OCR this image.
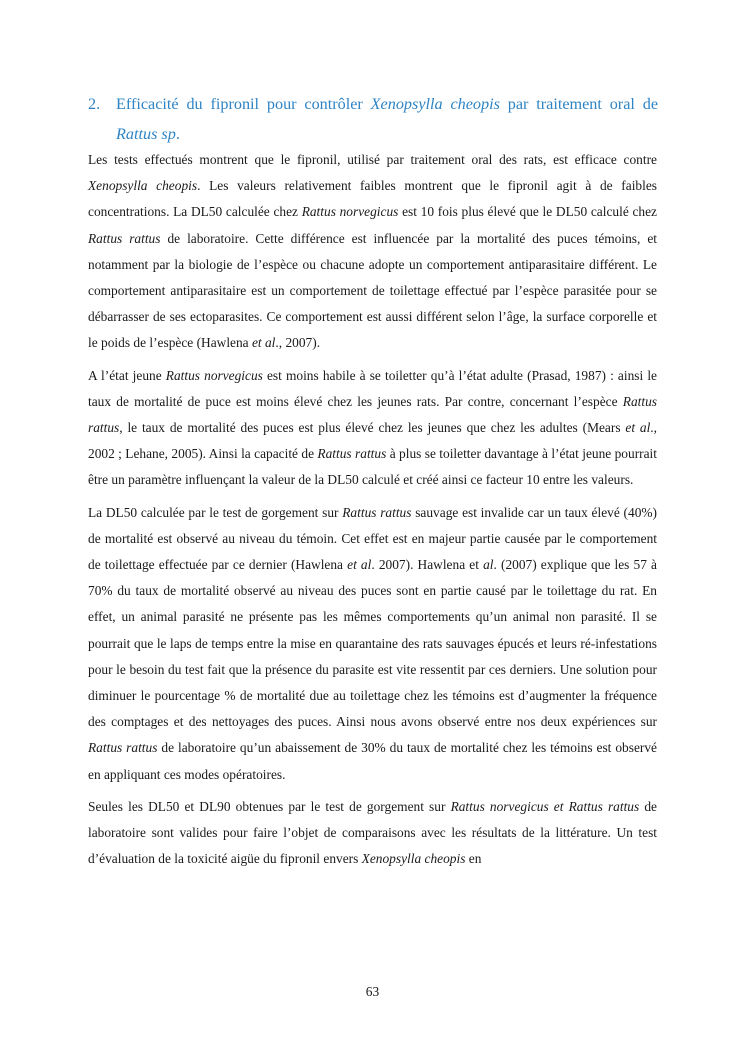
2. Efficacité du fipronil pour contrôler Xenopsylla cheopis par traitement oral de
Rattus sp.

Les tests effectués montrent que le fipronil, utilisé par traitement oral des rats, est efficace contre Xenopsylla cheopis. Les valeurs relativement faibles montrent que le fipronil agit à de faibles concentrations. La DL50 calculée chez Rattus norvegicus est 10 fois plus élevé que le DL50 calculé chez Rattus rattus de laboratoire. Cette différence est influencée par la mortalité des puces témoins, et notamment par la biologie de l’espèce ou chacune adopte un comportement antiparasitaire différent. Le comportement antiparasitaire est un comportement de toilettage effectué par l’espèce parasitée pour se débarrasser de ses ectoparasites. Ce comportement est aussi différent selon l’âge, la surface corporelle et le poids de l’espèce (Hawlena et al., 2007).

A l’état jeune Rattus norvegicus est moins habile à se toiletter qu’à l’état adulte (Prasad, 1987) : ainsi le taux de mortalité de puce est moins élevé chez les jeunes rats. Par contre, concernant l’espèce Rattus rattus, le taux de mortalité des puces est plus élevé chez les jeunes que chez les adultes (Mears et al., 2002 ; Lehane, 2005). Ainsi la capacité de Rattus rattus à plus se toiletter davantage à l’état jeune pourrait être un paramètre influençant la valeur de la DL50 calculé et créé ainsi ce facteur 10 entre les valeurs.

La DL50 calculée par le test de gorgement sur Rattus rattus sauvage est invalide car un taux élevé (40%) de mortalité est observé au niveau du témoin. Cet effet est en majeur partie causée par le comportement de toilettage effectuée par ce dernier (Hawlena et al. 2007). Hawlena et al. (2007) explique que les 57 à 70% du taux de mortalité observé au niveau des puces sont en partie causé par le toilettage du rat. En effet, un animal parasité ne présente pas les mêmes comportements qu’un animal non parasité. Il se pourrait que le laps de temps entre la mise en quarantaine des rats sauvages épucés et leurs ré-infestations pour le besoin du test fait que la présence du parasite est vite ressentit par ces derniers. Une solution pour diminuer le pourcentage % de mortalité due au toilettage chez les témoins est d’augmenter la fréquence des comptages et des nettoyages des puces. Ainsi nous avons observé entre nos deux expériences sur Rattus rattus de laboratoire qu’un abaissement de 30% du taux de mortalité chez les témoins est observé en appliquant ces modes opératoires.

Seules les DL50 et DL90 obtenues par le test de gorgement sur Rattus norvegicus et Rattus rattus de laboratoire sont valides pour faire l’objet de comparaisons avec les résultats de la littérature. Un test d’évaluation de la toxicité aigüe du fipronil envers Xenopsylla cheopis en

63
